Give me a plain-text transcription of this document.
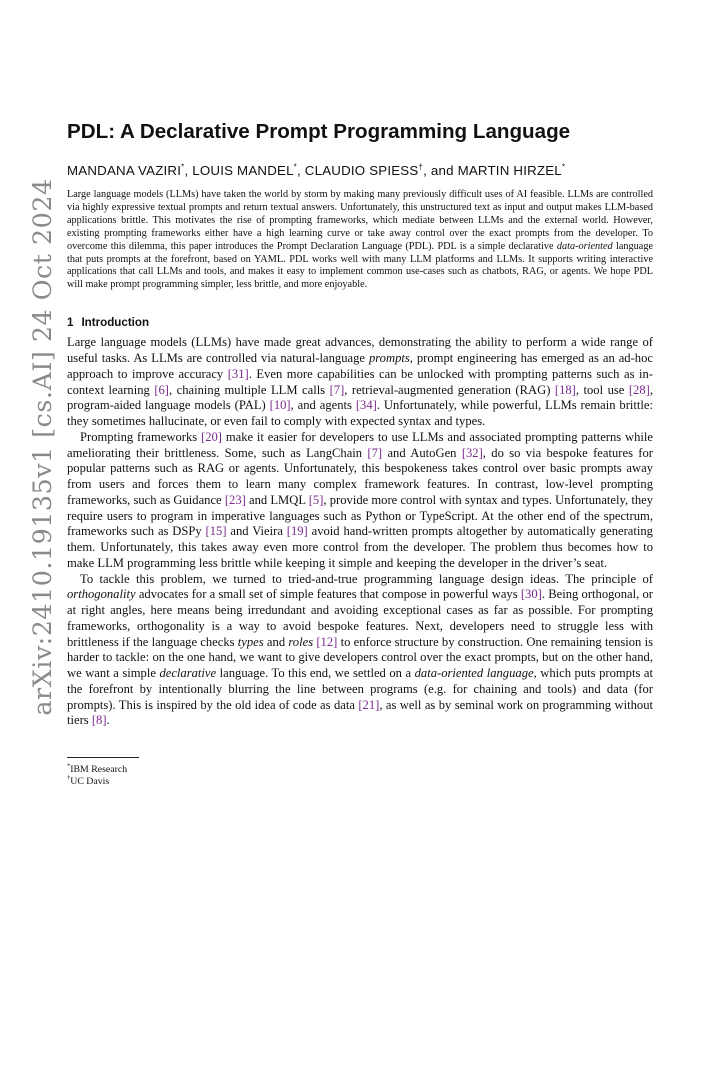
arXiv:2410.19135v1 [cs.AI] 24 Oct 2024
PDL: A Declarative Prompt Programming Language
MANDANA VAZIRI*, LOUIS MANDEL*, CLAUDIO SPIESS†, and MARTIN HIRZEL*
Large language models (LLMs) have taken the world by storm by making many previously difficult uses of AI feasible. LLMs are controlled via highly expressive textual prompts and return textual answers. Unfortunately, this unstructured text as input and output makes LLM-based applications brittle. This motivates the rise of prompting frameworks, which mediate between LLMs and the external world. However, existing prompting frameworks either have a high learning curve or take away control over the exact prompts from the developer. To overcome this dilemma, this paper introduces the Prompt Declaration Language (PDL). PDL is a simple declarative data-oriented language that puts prompts at the forefront, based on YAML. PDL works well with many LLM platforms and LLMs. It supports writing interactive applications that call LLMs and tools, and makes it easy to implement common use-cases such as chatbots, RAG, or agents. We hope PDL will make prompt programming simpler, less brittle, and more enjoyable.
1 Introduction

Large language models (LLMs) have made great advances, demonstrating the ability to perform a wide range of useful tasks. As LLMs are controlled via natural-language prompts, prompt engineering has emerged as an ad-hoc approach to improve accuracy [31]. Even more capabilities can be unlocked with prompting patterns such as in-context learning [6], chaining multiple LLM calls [7], retrieval-augmented generation (RAG) [18], tool use [28], program-aided language models (PAL) [10], and agents [34]. Unfortunately, while powerful, LLMs remain brittle: they sometimes hallucinate, or even fail to comply with expected syntax and types.

Prompting frameworks [20] make it easier for developers to use LLMs and associated prompting patterns while ameliorating their brittleness. Some, such as LangChain [7] and AutoGen [32], do so via bespoke features for popular patterns such as RAG or agents. Unfortunately, this bespokeness takes control over basic prompts away from users and forces them to learn many complex framework features. In contrast, low-level prompting frameworks, such as Guidance [23] and LMQL [5], provide more control with syntax and types. Unfortunately, they require users to program in imperative languages such as Python or TypeScript. At the other end of the spectrum, frameworks such as DSPy [15] and Vieira [19] avoid hand-written prompts altogether by automatically generating them. Unfortunately, this takes away even more control from the developer. The problem thus becomes how to make LLM programming less brittle while keeping it simple and keeping the developer in the driver’s seat.

To tackle this problem, we turned to tried-and-true programming language design ideas. The principle of orthogonality advocates for a small set of simple features that compose in powerful ways [30]. Being orthogonal, or at right angles, here means being irredundant and avoiding exceptional cases as far as possible. For prompting frameworks, orthogonality is a way to avoid bespoke features. Next, developers need to struggle less with brittleness if the language checks types and roles [12] to enforce structure by construction. One remaining tension is harder to tackle: on the one hand, we want to give developers control over the exact prompts, but on the other hand, we want a simple declarative language. To this end, we settled on a data-oriented language, which puts prompts at the forefront by intentionally blurring the line between programs (e.g. for chaining and tools) and data (for prompts). This is inspired by the old idea of code as data [21], as well as by seminal work on programming without tiers [8].

*IBM Research
†UC Davis
